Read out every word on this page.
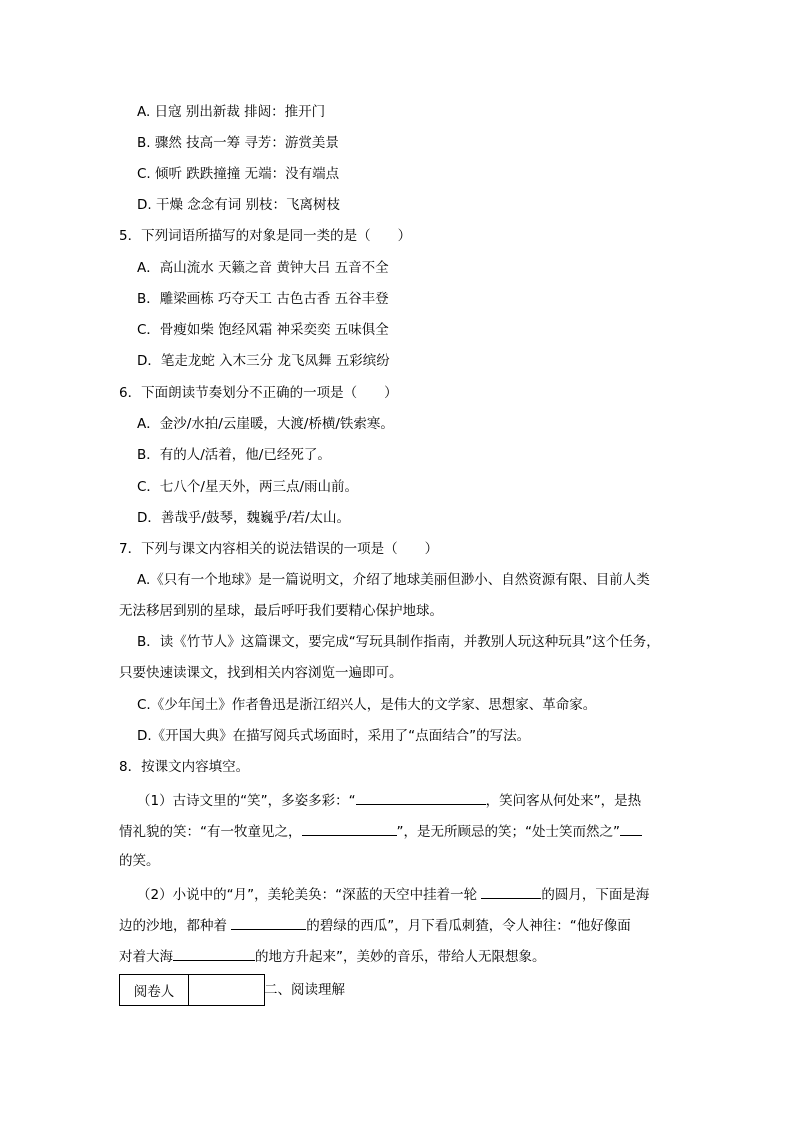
A. 日寇 别出新裁 排闼：推开门
B. 骤然 技高一筹 寻芳：游赏美景
C. 倾听 跌跌撞撞 无端：没有端点
D. 干燥 念念有词 别枝：飞离树枝
5．下列词语所描写的对象是同一类的是（　　）
A．高山流水 天籁之音 黄钟大吕 五音不全
B．雕梁画栋 巧夺天工 古色古香 五谷丰登
C．骨瘦如柴 饱经风霜 神采奕奕 五味俱全
D．笔走龙蛇 入木三分 龙飞凤舞 五彩缤纷
6．下面朗读节奏划分不正确的一项是（　　）
A．金沙/水拍/云崖暖，大渡/桥横/铁索寒。
B．有的人/活着，他/已经死了。
C．七八个/星天外，两三点/雨山前。
D．善哉乎/鼓琴，魏巍乎/若/太山。
7．下列与课文内容相关的说法错误的一项是（　　）
A.《只有一个地球》是一篇说明文，介绍了地球美丽但渺小、自然资源有限、目前人类
无法移居到别的星球，最后呼吁我们要精心保护地球。
B．读《竹节人》这篇课文，要完成“写玩具制作指南，并教别人玩这种玩具”这个任务，
只要快速读课文，找到相关内容浏览一遍即可。
C.《少年闰土》作者鲁迅是浙江绍兴人，是伟大的文学家、思想家、革命家。
D.《开国大典》在描写阅兵式场面时，采用了“点面结合”的写法。
8．按课文内容填空。
（1）古诗文里的“笑”，多姿多彩：“	，笑问客从何处来”，是热
情礼貌的笑：“有一牧童见之，	”，是无所顾忌的笑；“处士笑而然之”
的笑。
（2）小说中的“月”，美轮美奂：“深蓝的天空中挂着一轮	的圆月，下面是海
边的沙地，都种着	的碧绿的西瓜”，月下看瓜刺猹，令人神往：“他好像面
对着大海	的地方升起来”，美妙的音乐，带给人无限想象。
阅卷人		二、阅读理解
